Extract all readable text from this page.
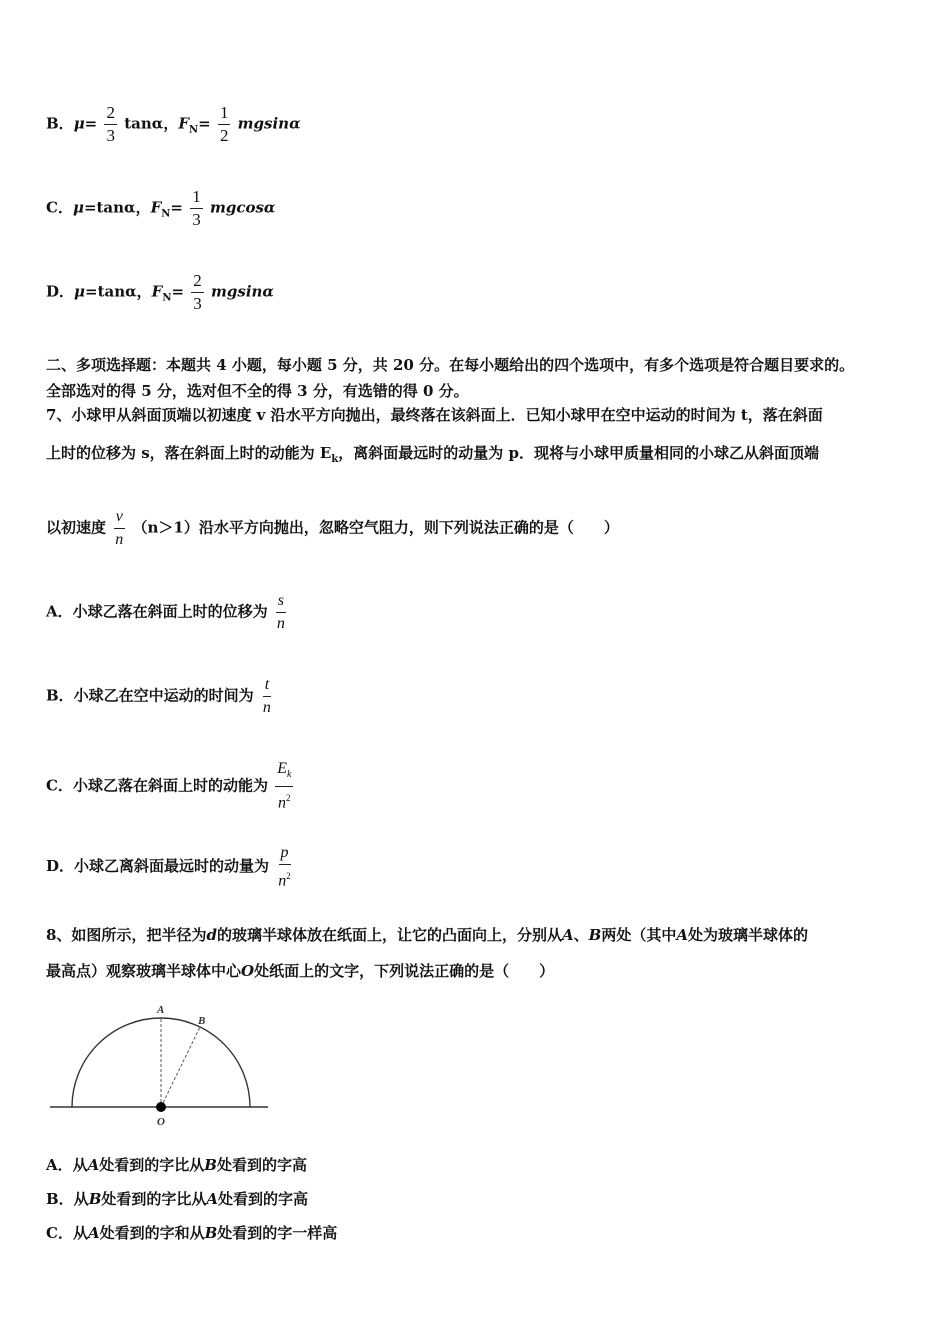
B．$\mu= \frac{2}{3}$ tanα，$F_N= \frac{1}{2}$ mgsinα
C．μ=tanα，$F_N= \frac{1}{3}$ mgcosα
D．μ=tanα，$F_N= \frac{2}{3}$ mgsinα
二、多项选择题：本题共 4 小题，每小题 5 分，共 20 分。在每小题给出的四个选项中，有多个选项是符合题目要求的。
全部选对的得 5 分，选对但不全的得 3 分，有选错的得 0 分。
7、小球甲从斜面顶端以初速度 v 沿水平方向抛出，最终落在该斜面上．已知小球甲在空中运动的时间为 t，落在斜面
上时的位移为 s，落在斜面上时的动能为 $E_k$，离斜面最远时的动量为 p．现将与小球甲质量相同的小球乙从斜面顶端
以初速度 $\frac{v}{n} (n>1)$沿水平方向抛出，忽略空气阻力，则下列说法正确的是（　　）
A．小球乙落在斜面上时的位移为 $\frac{s}{n}$
B．小球乙在空中运动的时间为 $\frac{t}{n}$
C．小球乙落在斜面上时的动能为 $\frac{E_k}{n^2}$
D．小球乙离斜面最远时的动量为 $\frac{p}{n^2}$
8、如图所示，把半径为d的玻璃半球体放在纸面上，让它的凸面向上，分别从A、B两处（其中A处为玻璃半球体的
最高点）观察玻璃半球体中心O处纸面上的文字，下列说法正确的是（　　）
A
B
O
A．从A处看到的字比从B处看到的字高
B．从B处看到的字比从A处看到的字高
C．从A处看到的字和从B处看到的字一样高
